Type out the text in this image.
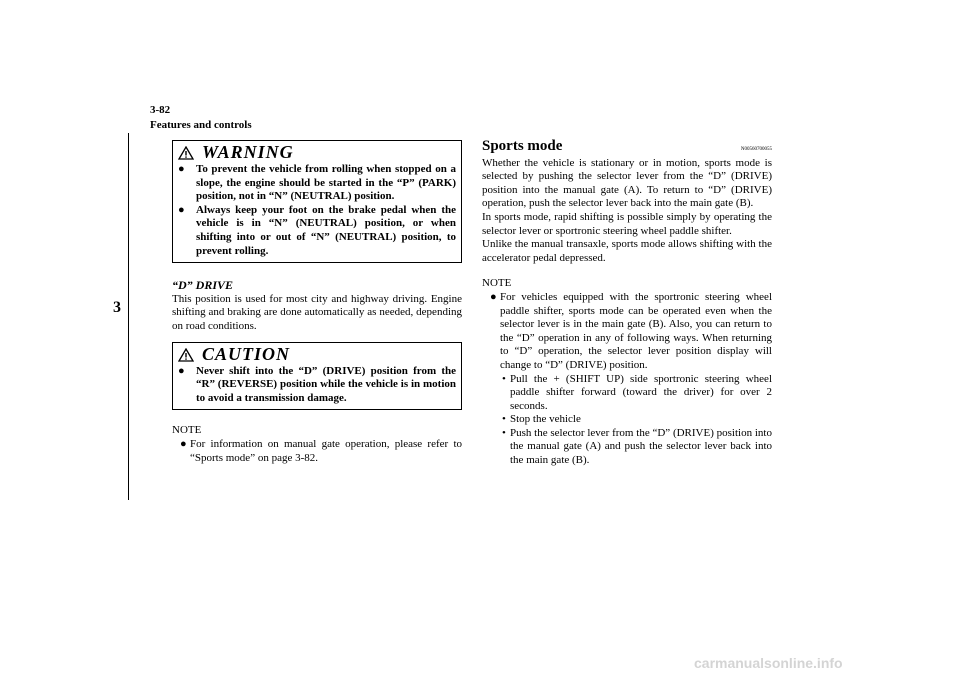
3-82
Features and controls
3
WARNING
● To prevent the vehicle from rolling when stopped on a slope, the engine should be started in the “P” (PARK) position, not in “N” (NEUTRAL) position.
● Always keep your foot on the brake pedal when the vehicle is in “N” (NEUTRAL) position, or when shifting into or out of “N” (NEUTRAL) position, to prevent rolling.
“D” DRIVE

This position is used for most city and highway driving. Engine shifting and braking are done automatically as needed, depending on road conditions.

CAUTION
● Never shift into the “D” (DRIVE) position from the “R” (REVERSE) position while the vehicle is in motion to avoid a transmission damage.
NOTE
● For information on manual gate operation, please refer to “Sports mode” on page 3-82.
Sports mode	N00560700055

Whether the vehicle is stationary or in motion, sports mode is selected by pushing the selector lever from the “D” (DRIVE) position into the manual gate (A). To return to “D” (DRIVE) operation, push the selector lever back into the main gate (B).

In sports mode, rapid shifting is possible simply by operating the selector lever or sportronic steering wheel paddle shifter.

Unlike the manual transaxle, sports mode allows shifting with the accelerator pedal depressed.

NOTE
● For vehicles equipped with the sportronic steering wheel paddle shifter, sports mode can be operated even when the selector lever is in the main gate (B). Also, you can return to the “D” operation in any of following ways. When returning to “D” operation, the selector lever position display will change to “D” (DRIVE) position.
• Pull the + (SHIFT UP) side sportronic steering wheel paddle shifter forward (toward the driver) for over 2 seconds.
• Stop the vehicle
• Push the selector lever from the “D” (DRIVE) position into the manual gate (A) and push the selector lever back into the main gate (B).
carmanualsonline.info
